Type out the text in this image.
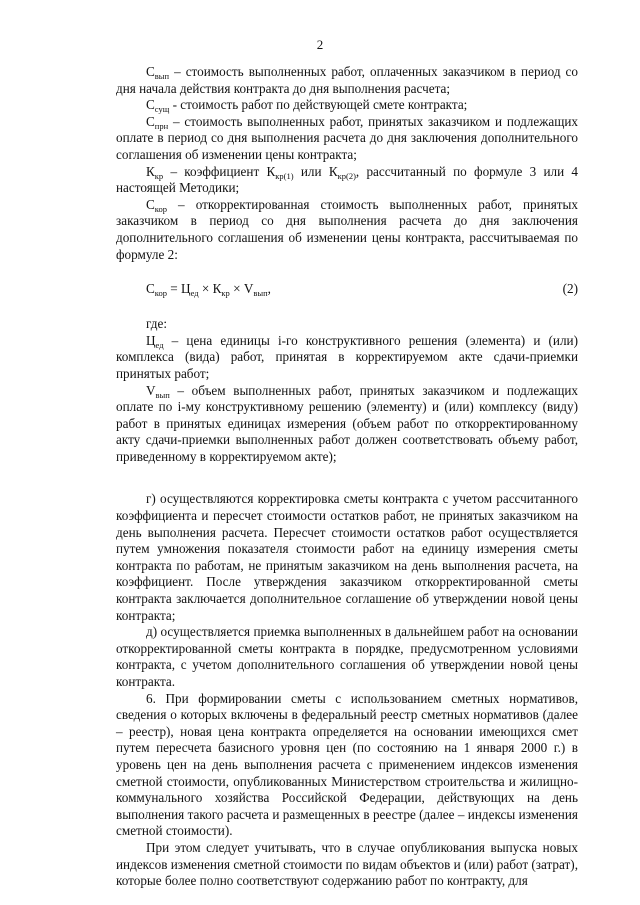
2

$С_{вып}$ – стоимость выполненных работ, оплаченных заказчиком в период со дня начала действия контракта до дня выполнения расчета;

$С_{сущ}$ - стоимость работ по действующей смете контракта;

$С_{прн}$ – стоимость выполненных работ, принятых заказчиком и подлежащих оплате в период со дня выполнения расчета до дня заключения дополнительного соглашения об изменении цены контракта;

$К_{кр}$ – коэффициент $К_{кр(1)}$ или $К_{кр(2)}$, рассчитанный по формуле 3 или 4 настоящей Методики;

$С_{кор}$ – откорректированная стоимость выполненных работ, принятых заказчиком в период со дня выполнения расчета до дня заключения дополнительного соглашения об изменении цены контракта, рассчитываемая по формуле 2:

$С_{кор} = Ц_{ед} \times К_{кр} \times V_{вып}$,	(2)

где:

$Ц_{ед}$ – цена единицы i-го конструктивного решения (элемента) и (или) комплекса (вида) работ, принятая в корректируемом акте сдачи-приемки принятых работ;

$V_{вып}$ – объем выполненных работ, принятых заказчиком и подлежащих оплате по i-му конструктивному решению (элементу) и (или) комплексу (виду) работ в принятых единицах измерения (объем работ по откорректированному акту сдачи-приемки выполненных работ должен соответствовать объему работ, приведенному в корректируемом акте);

г) осуществляются корректировка сметы контракта с учетом рассчитанного коэффициента и пересчет стоимости остатков работ, не принятых заказчиком на день выполнения расчета. Пересчет стоимости остатков работ осуществляется путем умножения показателя стоимости работ на единицу измерения сметы контракта по работам, не принятым заказчиком на день выполнения расчета, на коэффициент. После утверждения заказчиком откорректированной сметы контракта заключается дополнительное соглашение об утверждении новой цены контракта;

д) осуществляется приемка выполненных в дальнейшем работ на основании откорректированной сметы контракта в порядке, предусмотренном условиями контракта, с учетом дополнительного соглашения об утверждении новой цены контракта.

6. При формировании сметы с использованием сметных нормативов, сведения о которых включены в федеральный реестр сметных нормативов (далее – реестр), новая цена контракта определяется на основании имеющихся смет путем пересчета базисного уровня цен (по состоянию на 1 января 2000 г.) в уровень цен на день выполнения расчета с применением индексов изменения сметной стоимости, опубликованных Министерством строительства и жилищно-коммунального хозяйства Российской Федерации, действующих на день выполнения такого расчета и размещенных в реестре (далее – индексы изменения сметной стоимости).

При этом следует учитывать, что в случае опубликования выпуска новых индексов изменения сметной стоимости по видам объектов и (или) работ (затрат), которые более полно соответствуют содержанию работ по контракту, для
